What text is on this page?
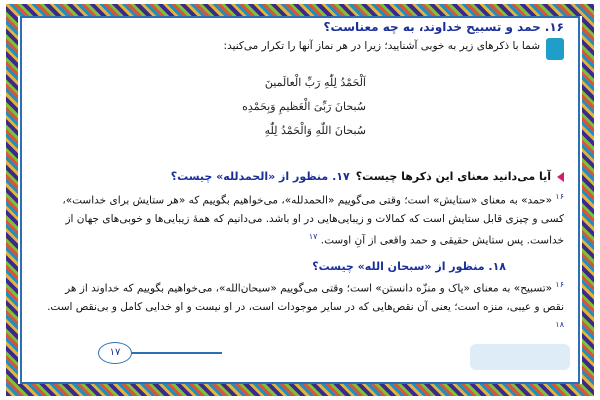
۱۶.
حمد و تسبیح خداوند، به چه معناست؟
شما با ذکرهای زیر به خوبی آشنایید؛ زیرا در هر نماز آنها را تکرار می‌کنید:
اَلْحَمْدُ لِلّٰهِ رَبِّ الْعالَمینَ
سُبحانَ رَبِّیَ الْعَظیمِ وَبِحَمْدِه
سُبحانَ اللّٰهِ وَالْحَمْدُ لِلّٰهِ
آیا می‌دانید معنای این ذکرها چیست؟
۱۷. منظور از «الحمدلله» چیست؟
$^{۱۶}$ «حمد» به معنای «ستایش» است؛ وقتی می‌گوییم «الحمدلله»، می‌خواهیم بگوییم که «هر ستایش برای خداست»، کسی و چیزی قابل ستایش است که کمالات و زیبایی‌هایی در او باشد. می‌دانیم که همهٔ زیبایی‌ها و خوبی‌های جهان از خداست. پس ستایش حقیقی و حمد واقعی از آنِ اوست. $^{۱۷}$
۱۸. منظور از «سبحان الله» چیست؟
$^{۱۶}$ «تسبیح» به معنای «پاک و منزّه دانستن» است؛ وقتی می‌گوییم «سبحان‌الله»، می‌خواهیم بگوییم که خداوند از هر نقص و عیبی، منزه است؛ یعنی آن نقص‌هایی که در سایر موجودات است، در او نیست و او خدایی کامل و بی‌نقص است. $^{۱۸}$
۱۷
